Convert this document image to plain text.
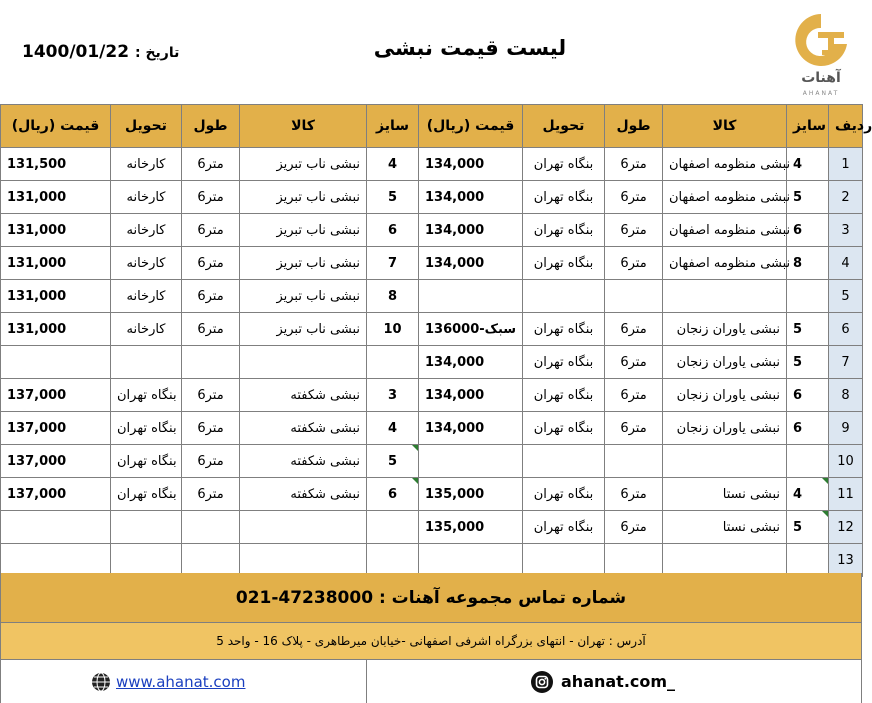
لیست قیمت نبشی
تاریخ : 1400/01/22
آهنات
AHANAT
قیمت (ریال)	تحویل	طول	کالا	سایز	قیمت (ریال)	تحویل	طول	کالا	سایز	ردیف
131,500	کارخانه	6متر	نبشی ناب تبریز	4	134,000	بنگاه تهران	6متر	نبشی منظومه اصفهان	4	1
131,000	کارخانه	6متر	نبشی ناب تبریز	5	134,000	بنگاه تهران	6متر	نبشی منظومه اصفهان	5	2
131,000	کارخانه	6متر	نبشی ناب تبریز	6	134,000	بنگاه تهران	6متر	نبشی منظومه اصفهان	6	3
131,000	کارخانه	6متر	نبشی ناب تبریز	7	134,000	بنگاه تهران	6متر	نبشی منظومه اصفهان	8	4
131,000	کارخانه	6متر	نبشی ناب تبریز	8						5
131,000	کارخانه	6متر	نبشی ناب تبریز	10	سبک-136000	بنگاه تهران	6متر	نبشی یاوران زنجان	5	6
					134,000	بنگاه تهران	6متر	نبشی یاوران زنجان	5	7
137,000	بنگاه تهران	6متر	نبشی شکفته	3	134,000	بنگاه تهران	6متر	نبشی یاوران زنجان	6	8
137,000	بنگاه تهران	6متر	نبشی شکفته	4	134,000	بنگاه تهران	6متر	نبشی یاوران زنجان	6	9
137,000	بنگاه تهران	6متر	نبشی شکفته	5						10
137,000	بنگاه تهران	6متر	نبشی شکفته	6	135,000	بنگاه تهران	6متر	نبشی نستا	4	11
					135,000	بنگاه تهران	6متر	نبشی نستا	5	12
										13
شماره تماس مجموعه آهنات :

021-47238000
آدرس : تهران - انتهای بزرگراه اشرفی اصفهانی -خیابان میرطاهری - پلاک 16 - واحد 5
www.ahanat.com	ahanat.com_
